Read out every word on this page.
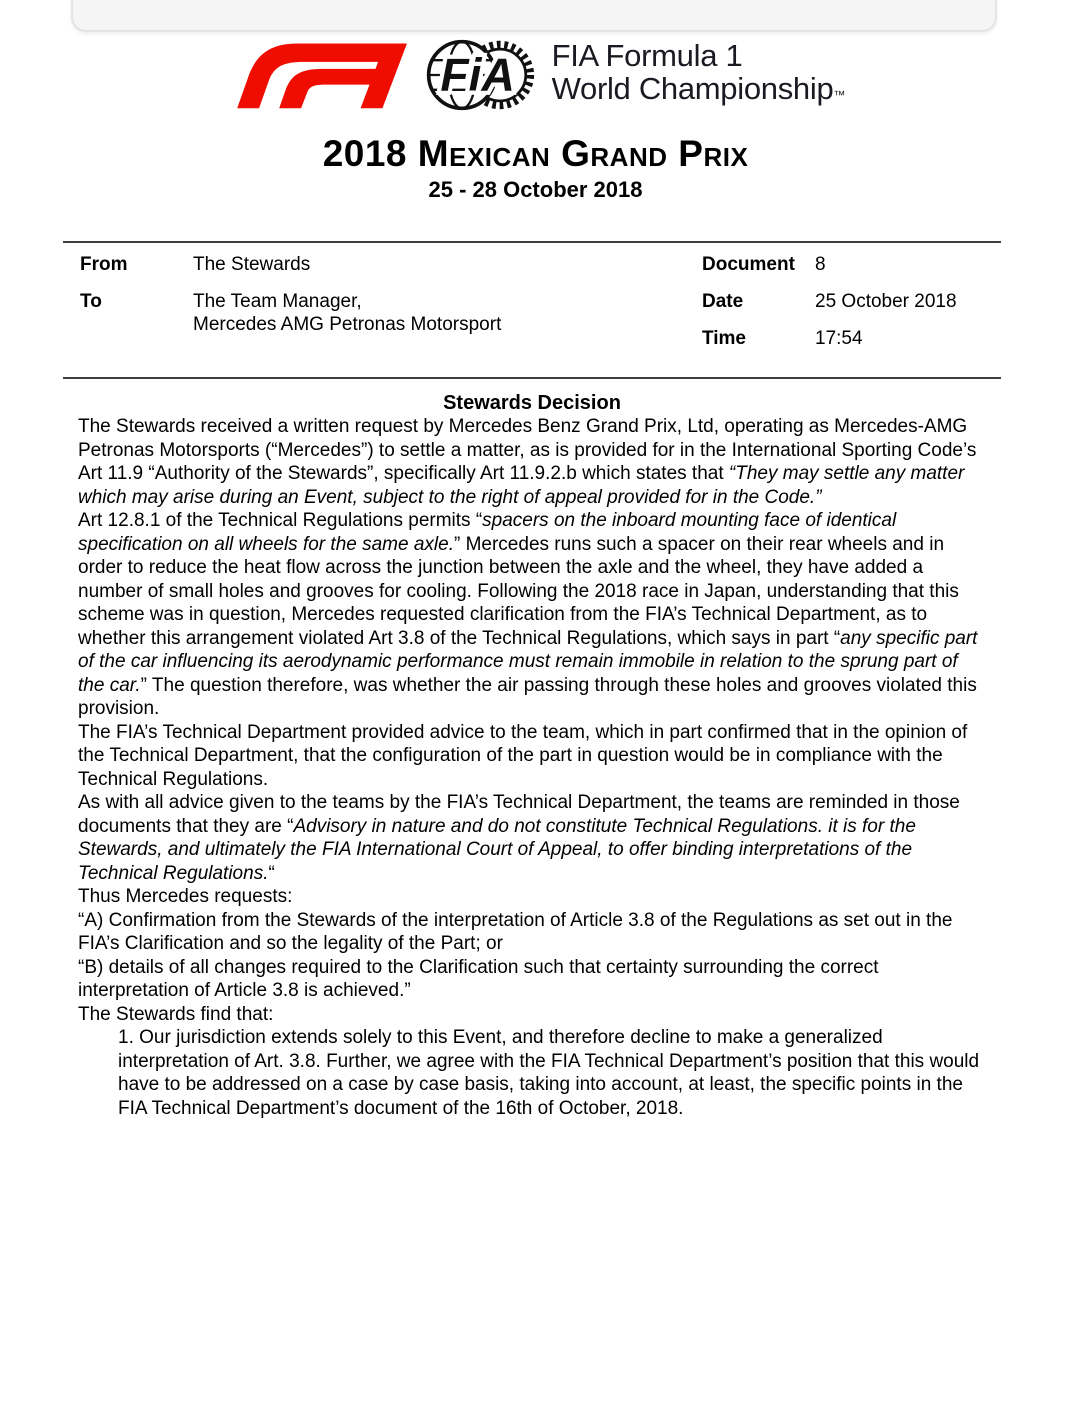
FiA FIA Formula 1
World Championship™
2018 Mexican Grand Prix
25 - 28 October 2018
From	The Stewards
To	The Team Manager,
Mercedes AMG Petronas Motorsport
Document	8
Date	25 October 2018
Time	17:54
Stewards Decision

The Stewards received a written request by Mercedes Benz Grand Prix, Ltd, operating as Mercedes-AMG Petronas Motorsports (“Mercedes”) to settle a matter, as is provided for in the International Sporting Code’s Art 11.9 “Authority of the Stewards”, specifically Art 11.9.2.b which states that “They may settle any matter which may arise during an Event, subject to the right of appeal provided for in the Code.”

Art 12.8.1 of the Technical Regulations permits “spacers on the inboard mounting face of identical specification on all wheels for the same axle.” Mercedes runs such a spacer on their rear wheels and in order to reduce the heat flow across the junction between the axle and the wheel, they have added a number of small holes and grooves for cooling. Following the 2018 race in Japan, understanding that this scheme was in question, Mercedes requested clarification from the FIA’s Technical Department, as to whether this arrangement violated Art 3.8 of the Technical Regulations, which says in part “any specific part of the car influencing its aerodynamic performance must remain immobile in relation to the sprung part of the car.” The question therefore, was whether the air passing through these holes and grooves violated this provision.

The FIA’s Technical Department provided advice to the team, which in part confirmed that in the opinion of the Technical Department, that the configuration of the part in question would be in compliance with the Technical Regulations.

As with all advice given to the teams by the FIA’s Technical Department, the teams are reminded in those documents that they are “Advisory in nature and do not constitute Technical Regulations. it is for the Stewards, and ultimately the FIA International Court of Appeal, to offer binding interpretations of the Technical Regulations.“

Thus Mercedes requests:

“A) Confirmation from the Stewards of the interpretation of Article 3.8 of the Regulations as set out in the FIA’s Clarification and so the legality of the Part; or

“B) details of all changes required to the Clarification such that certainty surrounding the correct interpretation of Article 3.8 is achieved.”

The Stewards find that:

1. Our jurisdiction extends solely to this Event, and therefore decline to make a generalized interpretation of Art. 3.8. Further, we agree with the FIA Technical Department’s position that this would have to be addressed on a case by case basis, taking into account, at least, the specific points in the FIA Technical Department’s document of the 16th of October, 2018.
